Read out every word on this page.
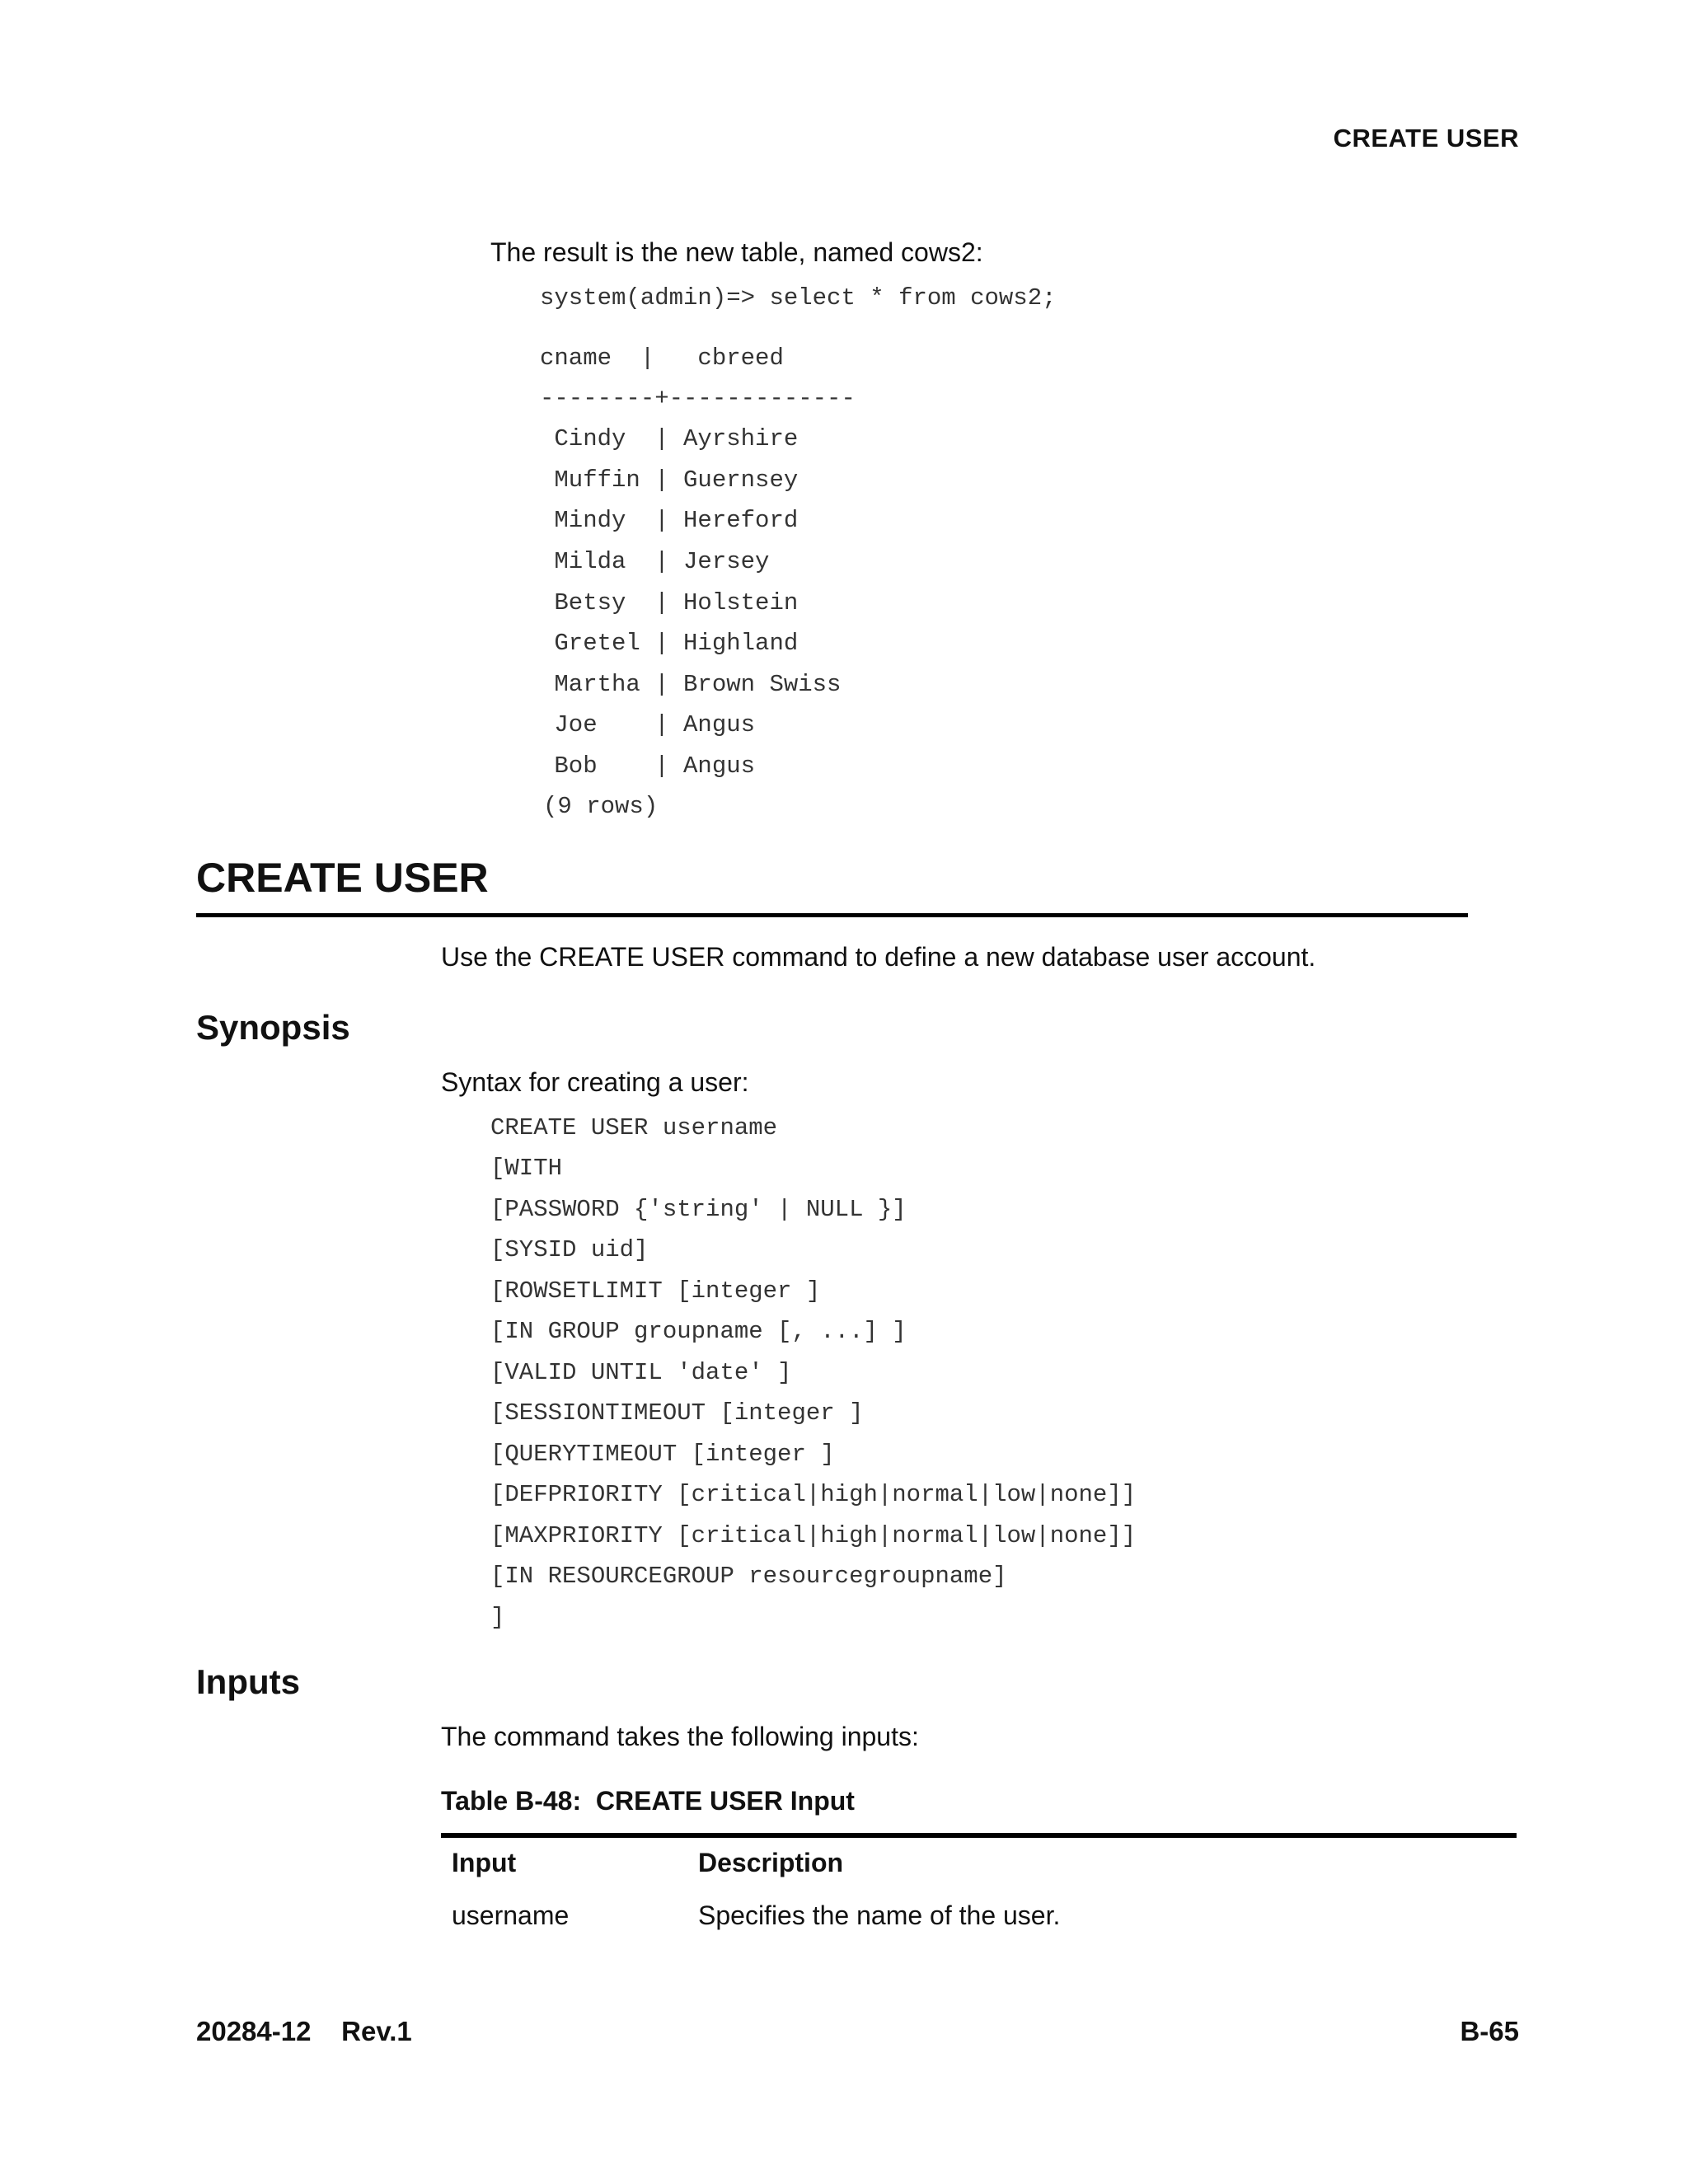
CREATE USER
The result is the new table, named cows2:
system(admin)=> select * from cows2;
cname  |   cbreed
--------+-------------
Cindy  | Ayrshire
Muffin | Guernsey
Mindy  | Hereford
Milda  | Jersey
Betsy  | Holstein
Gretel | Highland
Martha | Brown Swiss
Joe    | Angus
Bob    | Angus
(9 rows)
CREATE USER
Use the CREATE USER command to define a new database user account.
Synopsis
Syntax for creating a user:
CREATE USER username
[WITH
[PASSWORD {'string' | NULL }]
[SYSID uid]
[ROWSETLIMIT [integer ]
[IN GROUP groupname [, ...] ]
[VALID UNTIL 'date' ]
[SESSIONTIMEOUT [integer ]
[QUERYTIMEOUT [integer ]
[DEFPRIORITY [critical|high|normal|low|none]]
[MAXPRIORITY [critical|high|normal|low|none]]
[IN RESOURCEGROUP resourcegroupname]
]
Inputs
The command takes the following inputs:
Table B-48:  CREATE USER Input
Input	Description
username	Specifies the name of the user.
20284-12    Rev.1	B-65
